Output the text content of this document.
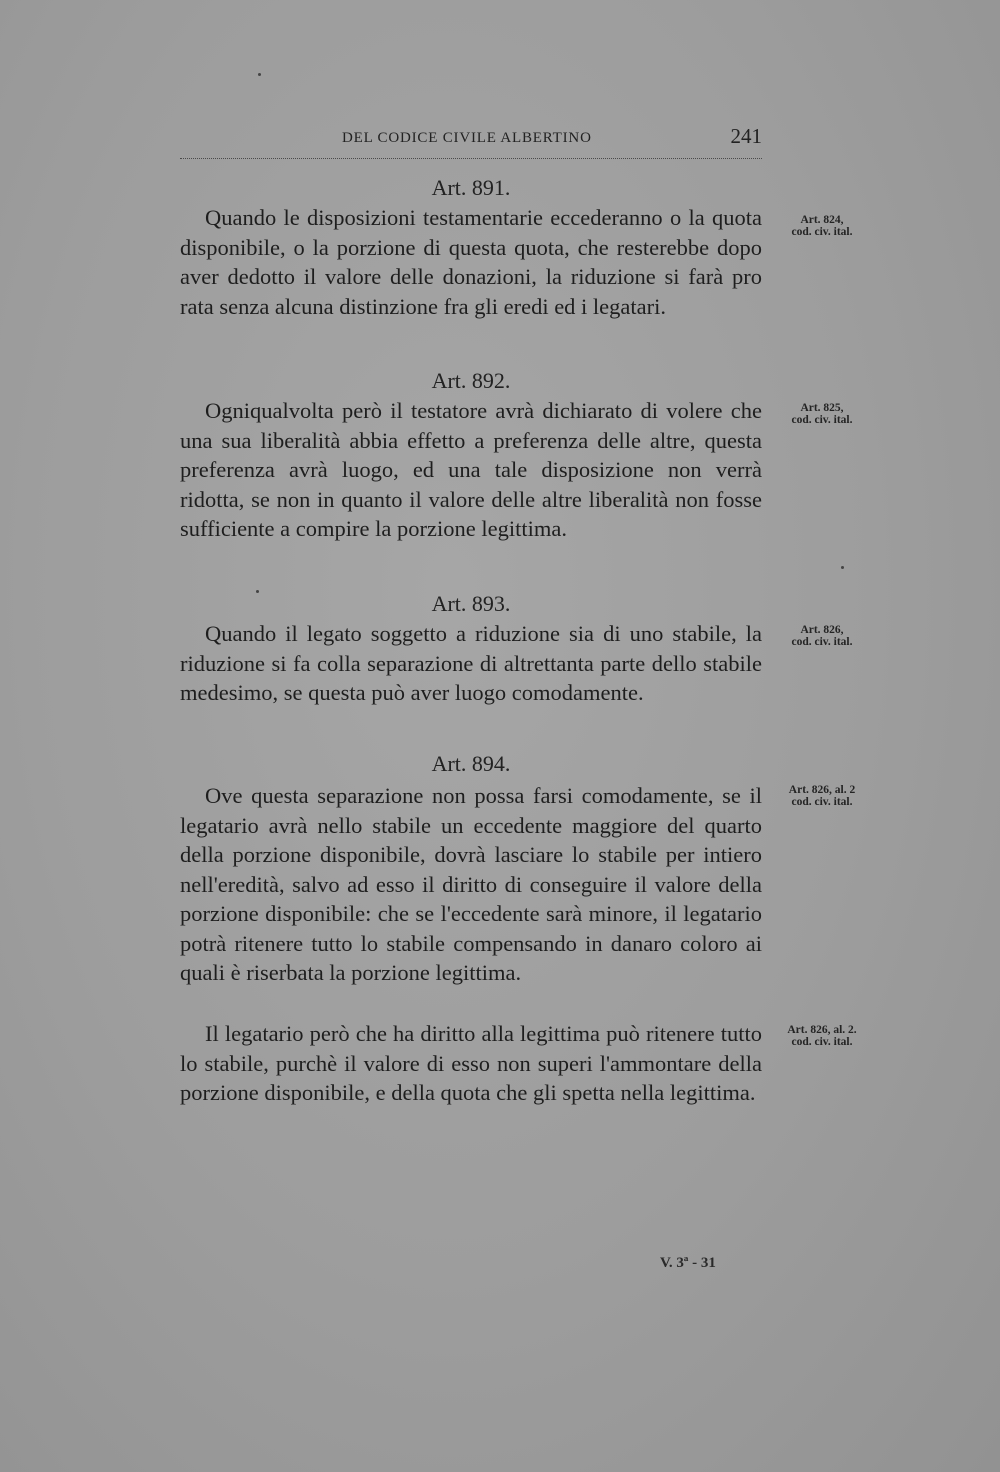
DEL CODICE CIVILE ALBERTINO	241
Art. 891.

Quando le disposizioni testamentarie eccederanno o la quota disponibile, o la porzione di questa quota, che resterebbe dopo aver dedotto il valore delle donazioni, la riduzione si farà pro rata senza alcuna distinzione fra gli eredi ed i legatari.

Art. 824,
cod. civ. ital.
Art. 892.

Ogniqualvolta però il testatore avrà dichiarato di volere che una sua liberalità abbia effetto a preferenza delle altre, questa preferenza avrà luogo, ed una tale disposizione non verrà ridotta, se non in quanto il valore delle altre liberalità non fosse sufficiente a compire la porzione legittima.

Art. 825,
cod. civ. ital.
Art. 893.

Quando il legato soggetto a riduzione sia di uno stabile, la riduzione si fa colla separazione di altrettanta parte dello stabile medesimo, se questa può aver luogo comodamente.

Art. 826,
cod. civ. ital.
Art. 894.

Ove questa separazione non possa farsi comodamente, se il legatario avrà nello stabile un eccedente maggiore del quarto della porzione disponibile, dovrà lasciare lo stabile per intiero nell'eredità, salvo ad esso il diritto di conseguire il valore della porzione disponibile: che se l'eccedente sarà minore, il legatario potrà ritenere tutto lo stabile compensando in danaro coloro ai quali è riserbata la porzione legittima.

Art. 826, al. 2
cod. civ. ital.

Il legatario però che ha diritto alla legittima può ritenere tutto lo stabile, purchè il valore di esso non superi l'ammontare della porzione disponibile, e della quota che gli spetta nella legittima.

Art. 826, al. 2.
cod. civ. ital.
V. 3ª - 31
